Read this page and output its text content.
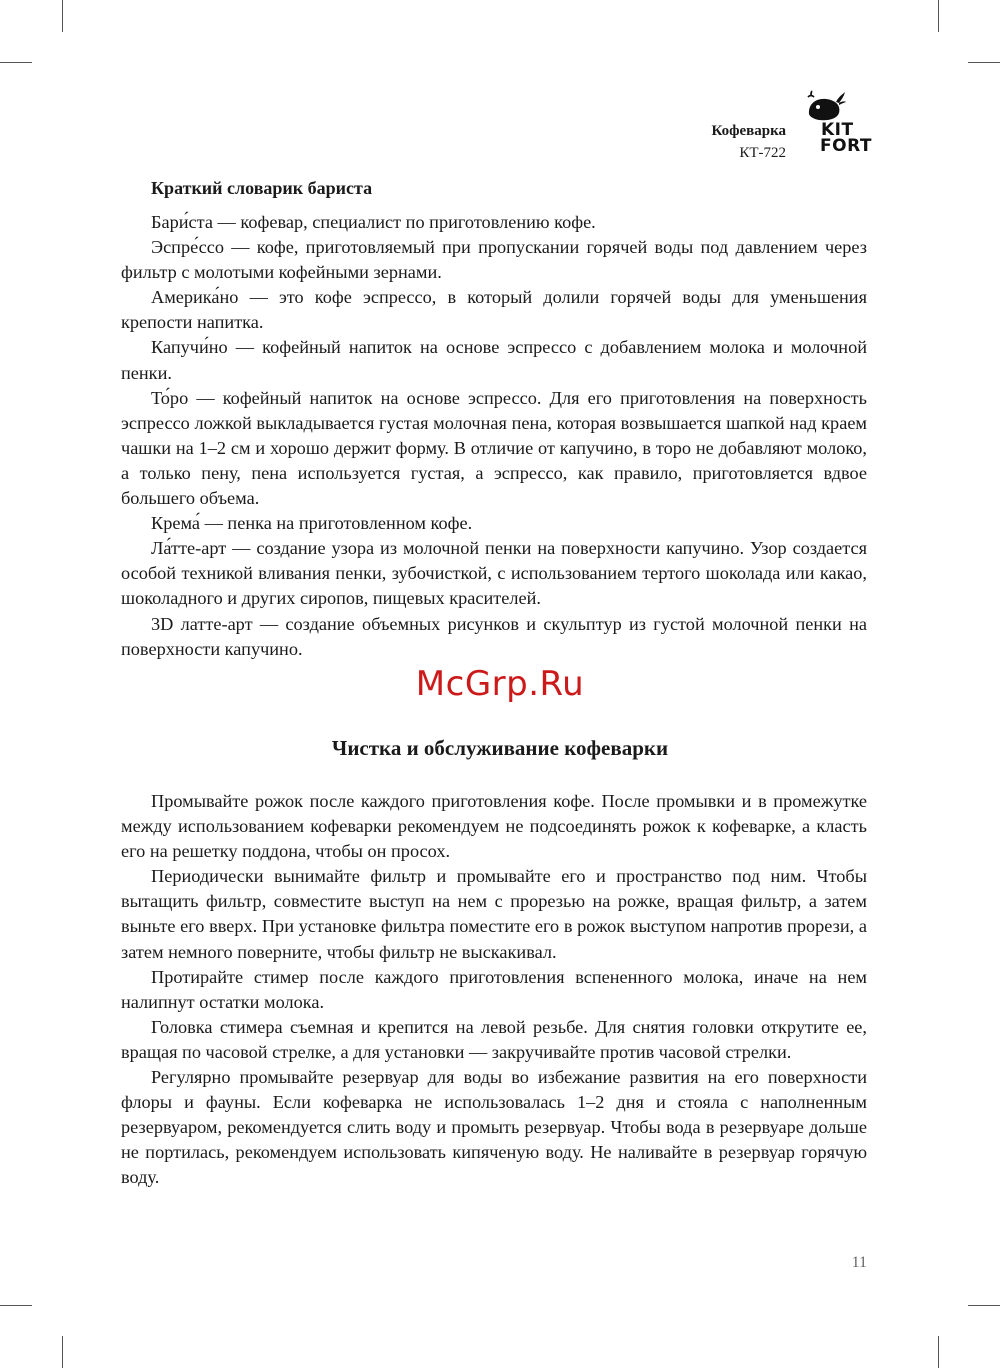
Кофеварка
КТ-722
KIT
FORT
Краткий словарик бариста

Бари́ста — кофевар, специалист по приготовлению кофе.

Эспре́ссо — кофе, приготовляемый при пропускании горячей воды под давлением через фильтр с молотыми кофейными зернами.

Америка́но — это кофе эспрессо, в который долили горячей воды для уменьшения крепости напитка.

Капучи́но — кофейный напиток на основе эспрессо с добавлением молока и молочной пенки.

То́ро — кофейный напиток на основе эспрессо. Для его приготовления на поверхность эспрессо ложкой выкладывается густая молочная пена, которая возвышается шапкой над краем чашки на 1–2 см и хорошо держит форму. В отличие от капучино, в торо не добавляют молоко, а только пену, пена используется густая, а эспрессо, как правило, приготовляется вдвое большего объема.

Крема́ — пенка на приготовленном кофе.

Ла́тте-арт — создание узора из молочной пенки на поверхности капучино. Узор создается особой техникой вливания пенки, зубочисткой, с использованием тертого шоколада или какао, шоколадного и других сиропов, пищевых красителей.

3D латте-арт — создание объемных рисунков и скульптур из густой молочной пенки на поверхности капучино.

McGrp.Ru
Чистка и обслуживание кофеварки

Промывайте рожок после каждого приготовления кофе. После промывки и в промежутке между использованием кофеварки рекомендуем не подсоединять рожок к кофеварке, а класть его на решетку поддона, чтобы он просох.

Периодически вынимайте фильтр и промывайте его и пространство под ним. Чтобы вытащить фильтр, совместите выступ на нем с прорезью на рожке, вращая фильтр, а затем выньте его вверх. При установке фильтра поместите его в рожок выступом напротив прорези, а затем немного поверните, чтобы фильтр не выскакивал.

Протирайте стимер после каждого приготовления вспененного молока, иначе на нем налипнут остатки молока.

Головка стимера съемная и крепится на левой резьбе. Для снятия головки открутите ее, вращая по часовой стрелке, а для установки — закручивайте против часовой стрелки.

Регулярно промывайте резервуар для воды во избежание развития на его поверхности флоры и фауны. Если кофеварка не использовалась 1–2 дня и стояла с наполненным резервуаром, рекомендуется слить воду и промыть резервуар. Чтобы вода в резервуаре дольше не портилась, рекомендуем использовать кипяченую воду. Не наливайте в резервуар горячую воду.

11
